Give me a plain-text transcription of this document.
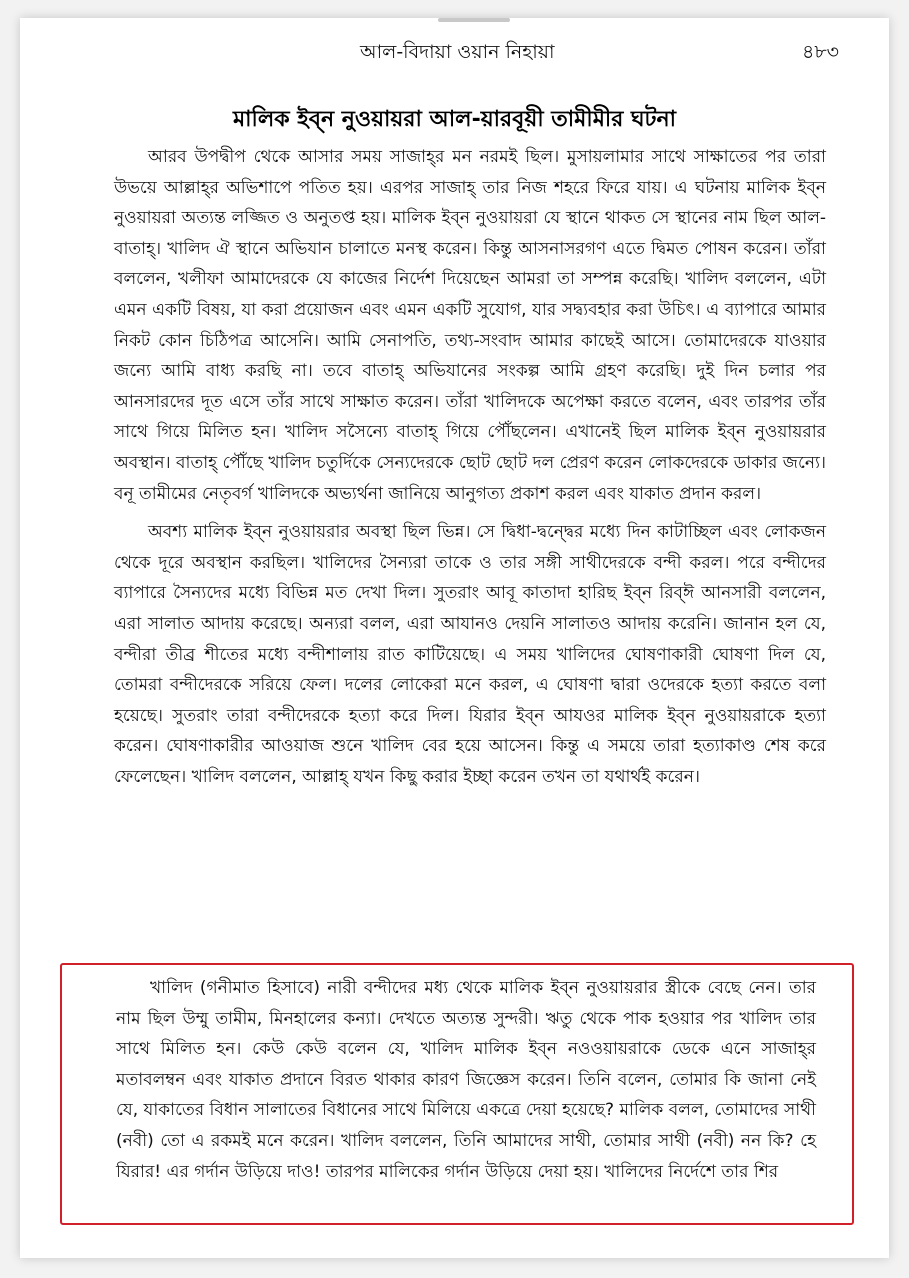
আল-বিদায়া ওয়ান নিহায়া	৪৮৩
মালিক ইব্ন নুওয়ায়রা আল-য়ারবূয়ী তামীমীর ঘটনা

আরব উপদ্বীপ থেকে আসার সময় সাজাহ্‌র মন নরমই ছিল। মুসায়লামার সাথে সাক্ষাতের পর তারা উভয়ে আল্লাহ্‌র অভিশাপে পতিত হয়। এরপর সাজাহ্‌ তার নিজ শহরে ফিরে যায়। এ ঘটনায় মালিক ইব্‌ন নুওয়ায়রা অত্যন্ত লজ্জিত ও অনুতপ্ত হয়। মালিক ইব্‌ন নুওয়ায়রা যে স্থানে থাকত সে স্থানের নাম ছিল আল-বাতাহ্‌। খালিদ ঐ স্থানে অভিযান চালাতে মনস্থ করেন। কিন্তু আসনাসরগণ এতে দ্বিমত পোষন করেন। তাঁরা বললেন, খলীফা আমাদেরকে যে কাজের নির্দেশ দিয়েছেন আমরা তা সম্পন্ন করেছি। খালিদ বললেন, এটা এমন একটি বিষয়, যা করা প্রয়োজন এবং এমন একটি সুযোগ, যার সদ্ব্যবহার করা উচিৎ। এ ব্যাপারে আমার নিকট কোন চিঠিপত্র আসেনি। আমি সেনাপতি, তথ্য-সংবাদ আমার কাছেই আসে। তোমাদেরকে যাওয়ার জন্যে আমি বাধ্য করছি না। তবে বাতাহ্‌ অভিযানের সংকল্প আমি গ্রহণ করেছি। দুই দিন চলার পর আনসারদের দূত এসে তাঁর সাথে সাক্ষাত করেন। তাঁরা খালিদকে অপেক্ষা করতে বলেন, এবং তারপর তাঁর সাথে গিয়ে মিলিত হন। খালিদ সসৈন্যে বাতাহ্‌ গিয়ে পৌঁছলেন। এখানেই ছিল মালিক ইব্‌ন নুওয়ায়রার অবস্থান। বাতাহ্‌ পৌঁছে খালিদ চতুর্দিকে সেন্যদেরকে ছোট ছোট দল প্রেরণ করেন লোকদেরকে ডাকার জন্যে। বনূ তামীমের নেতৃবর্গ খালিদকে অভ্যর্থনা জানিয়ে আনুগত্য প্রকাশ করল এবং যাকাত প্রদান করল।

অবশ্য মালিক ইব্‌ন নুওয়ায়রার অবস্থা ছিল ভিন্ন। সে দ্বিধা-দ্বন্দ্বের মধ্যে দিন কাটাচ্ছিল এবং লোকজন থেকে দূরে অবস্থান করছিল। খালিদের সৈন্যরা তাকে ও তার সঙ্গী সাথীদেরকে বন্দী করল। পরে বন্দীদের ব্যাপারে সৈন্যদের মধ্যে বিভিন্ন মত দেখা দিল। সুতরাং আবূ কাতাদা হারিছ ইব্‌ন রিব্‌ঈ আনসারী বললেন, এরা সালাত আদায় করেছে। অন্যরা বলল, এরা আযানও দেয়নি সালাতও আদায় করেনি। জানান হল যে, বন্দীরা তীব্র শীতের মধ্যে বন্দীশালায় রাত কাটিয়েছে। এ সময় খালিদের ঘোষণাকারী ঘোষণা দিল যে, তোমরা বন্দীদেরকে সরিয়ে ফেল। দলের লোকেরা মনে করল, এ ঘোষণা দ্বারা ওদেরকে হত্যা করতে বলা হয়েছে। সুতরাং তারা বন্দীদেরকে হত্যা করে দিল। যিরার ইব্‌ন আযওর মালিক ইব্‌ন নুওয়ায়রাকে হত্যা করেন। ঘোষণাকারীর আওয়াজ শুনে খালিদ বের হয়ে আসেন। কিন্তু এ সময়ে তারা হত্যাকাণ্ড শেষ করে ফেলেছেন। খালিদ বললেন, আল্লাহ্‌ যখন কিছু করার ইচ্ছা করেন তখন তা যথার্থই করেন।

খালিদ (গনীমাত হিসাবে) নারী বন্দীদের মধ্য থেকে মালিক ইব্‌ন নুওয়ায়রার স্ত্রীকে বেছে নেন। তার নাম ছিল উম্মু তামীম, মিনহালের কন্যা। দেখতে অত্যন্ত সুন্দরী। ঋতু থেকে পাক হওয়ার পর খালিদ তার সাথে মিলিত হন। কেউ কেউ বলেন যে, খালিদ মালিক ইব্‌ন নওওয়ায়রাকে ডেকে এনে সাজাহ্‌র মতাবলম্বন এবং যাকাত প্রদানে বিরত থাকার কারণ জিজ্ঞেস করেন। তিনি বলেন, তোমার কি জানা নেই যে, যাকাতের বিধান সালাতের বিধানের সাথে মিলিয়ে একত্রে দেয়া হয়েছে? মালিক বলল, তোমাদের সাথী (নবী) তো এ রকমই মনে করেন। খালিদ বললেন, তিনি আমাদের সাথী, তোমার সাথী (নবী) নন কি? হে যিরার! এর গর্দান উড়িয়ে দাও! তারপর মালিকের গর্দান উড়িয়ে দেয়া হয়। খালিদের নির্দেশে তার শির
